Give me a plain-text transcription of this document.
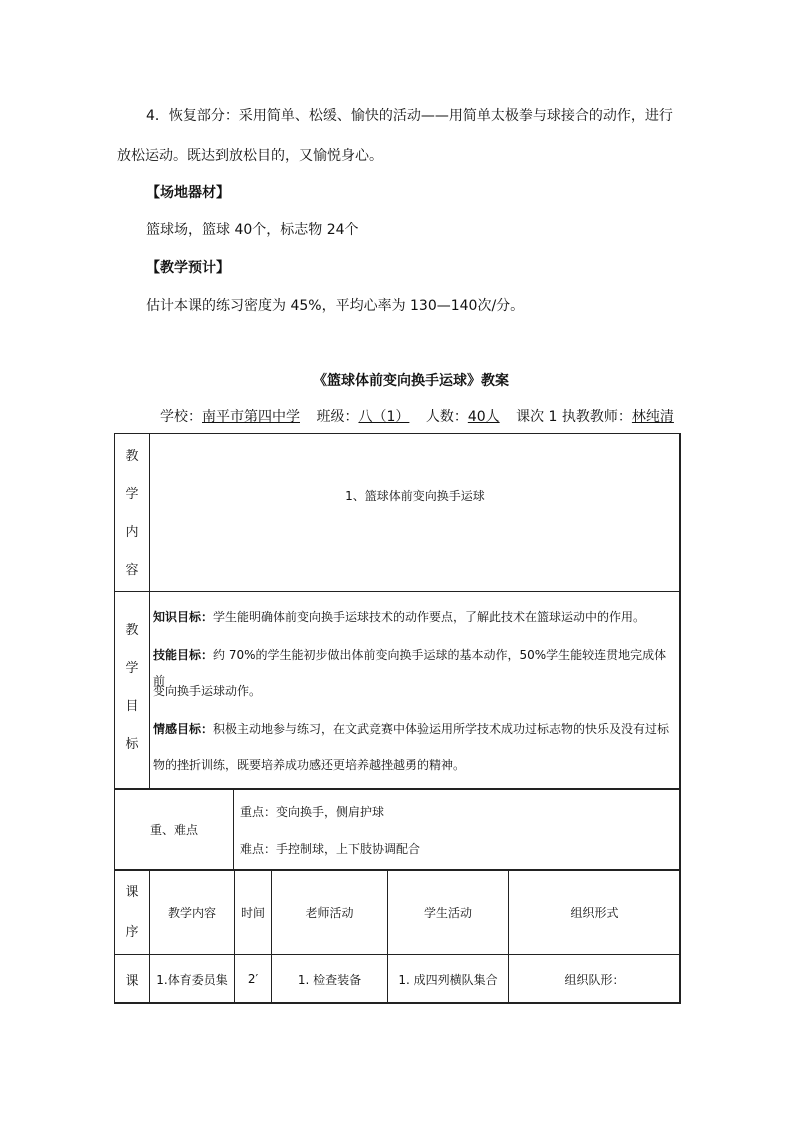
4．恢复部分：采用简单、松缓、愉快的活动——用简单太极拳与球接合的动作，进行
放松运动。既达到放松目的，又愉悦身心。
【场地器材】
篮球场，篮球 40个，标志物 24个
【教学预计】
估计本课的练习密度为 45%，平均心率为 130—140次/分。
《篮球体前变向换手运球》教案
学校：南平市第四中学 班级：八（1） 人数：40人 课次 1 执教教师：林纯清
教
学
内
容
1、篮球体前变向换手运球
教
学
目
标
知识目标：学生能明确体前变向换手运球技术的动作要点，了解此技术在篮球运动中的作用。
技能目标：约 70%的学生能初步做出体前变向换手运球的基本动作，50%学生能较连贯地完成体前
变向换手运球动作。
情感目标：积极主动地参与练习，在文武竞赛中体验运用所学技术成功过标志物的快乐及没有过标
物的挫折训练，既要培养成功感还更培养越挫越勇的精神。
重、难点
重点：变向换手，侧肩护球
难点：手控制球，上下肢协调配合
课
序
教学内容 时间	老师活动	学生活动	组织形式
课 1.体育委员集 2′	1. 检查装备	1. 成四列横队集合	组织队形：
